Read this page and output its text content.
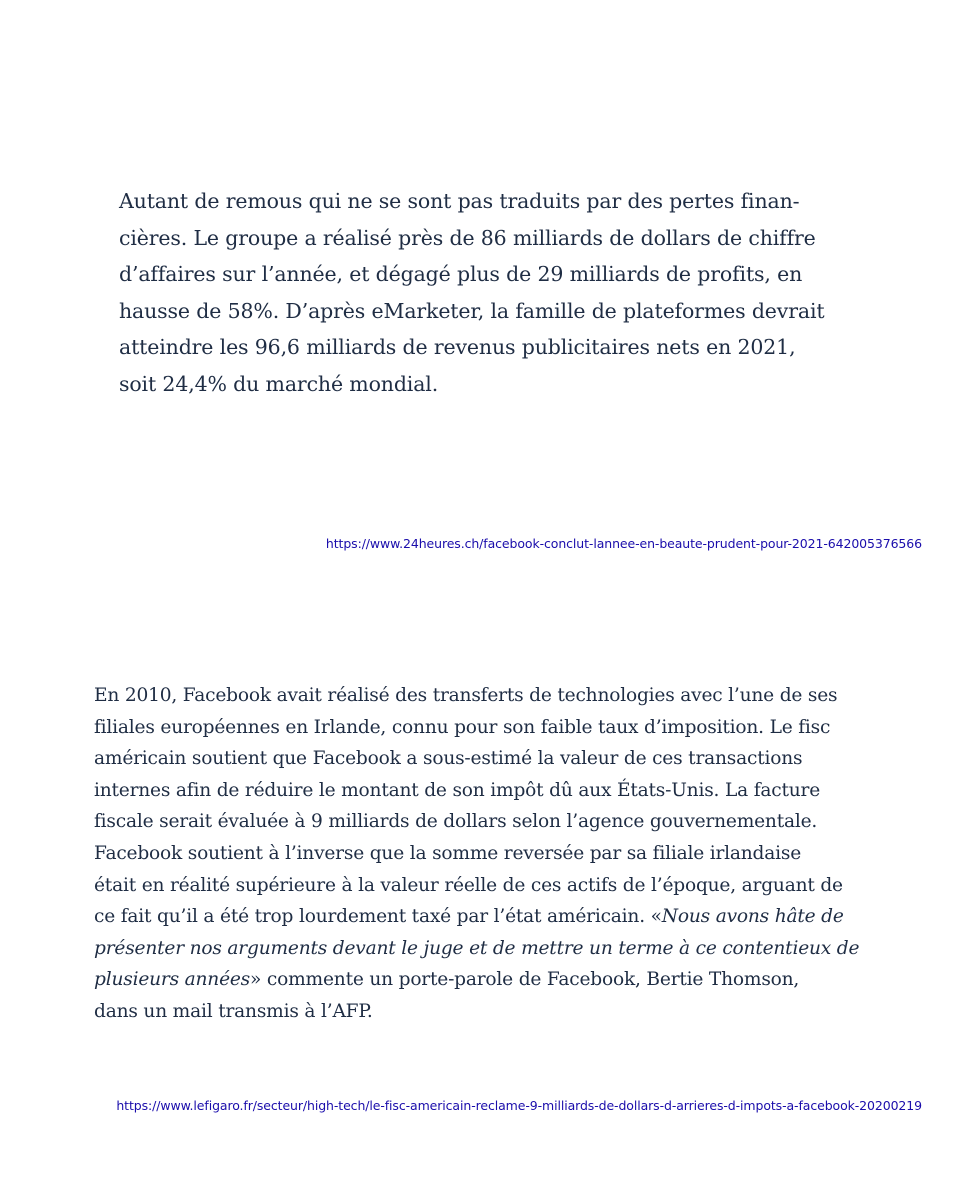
Autant de remous qui ne se sont pas traduits par des pertes finan-
cières. Le groupe a réalisé près de 86 milliards de dollars de chiffre
d’affaires sur l’année, et dégagé plus de 29 milliards de profits, en
hausse de 58%. D’après eMarketer, la famille de plateformes devrait
atteindre les 96,6 milliards de revenus publicitaires nets en 2021,
soit 24,4% du marché mondial.
https://www.24heures.ch/facebook-conclut-lannee-en-beaute-prudent-pour-2021-642005376566
En 2010, Facebook avait réalisé des transferts de technologies avec l’une de ses
filiales européennes en Irlande, connu pour son faible taux d’imposition. Le fisc
américain soutient que Facebook a sous-estimé la valeur de ces transactions
internes afin de réduire le montant de son impôt dû aux États-Unis. La facture
fiscale serait évaluée à 9 milliards de dollars selon l’agence gouvernementale.
Facebook soutient à l’inverse que la somme reversée par sa filiale irlandaise
était en réalité supérieure à la valeur réelle de ces actifs de l’époque, arguant de
ce fait qu’il a été trop lourdement taxé par l’état américain. «Nous avons hâte de
présenter nos arguments devant le juge et de mettre un terme à ce contentieux de
plusieurs années» commente un porte-parole de Facebook, Bertie Thomson,
dans un mail transmis à l’AFP.
https://www.lefigaro.fr/secteur/high-tech/le-fisc-americain-reclame-9-milliards-de-dollars-d-arrieres-d-impots-a-facebook-20200219
